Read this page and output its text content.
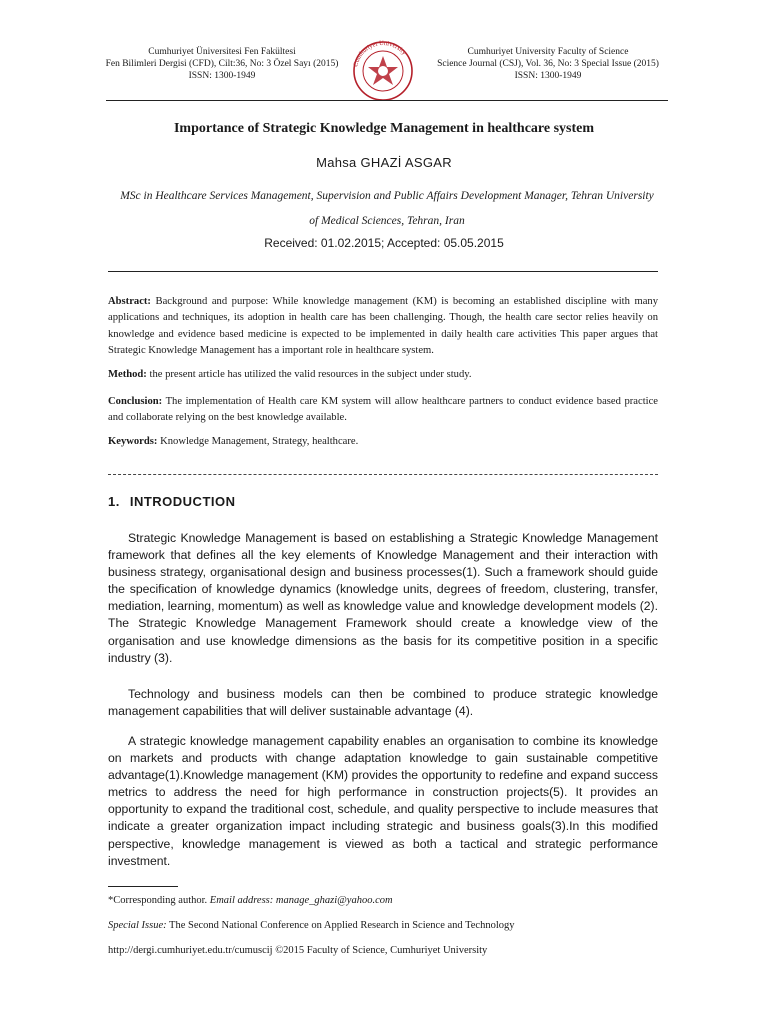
Cumhuriyet Üniversitesi Fen Fakültesi
Fen Bilimleri Dergisi (CFD), Cilt:36, No: 3 Özel Sayı (2015)
ISSN: 1300-1949
Cumhuriyet University	Cumhuriyet University Faculty of Science
Science Journal (CSJ), Vol. 36, No: 3 Special Issue (2015)
ISSN: 1300-1949
Importance of Strategic Knowledge Management in healthcare system
Mahsa GHAZİ ASGAR
MSc in Healthcare Services Management, Supervision and Public Affairs Development Manager, Tehran University
of Medical Sciences, Tehran, Iran
Received: 01.02.2015; Accepted: 05.05.2015
Abstract: Background and purpose: While knowledge management (KM) is becoming an established discipline with many applications and techniques, its adoption in health care has been challenging. Though, the health care sector relies heavily on knowledge and evidence based medicine is expected to be implemented in daily health care activities This paper argues that Strategic Knowledge Management has a important role in healthcare system.
Method: the present article has utilized the valid resources in the subject under study.
Conclusion: The implementation of Health care KM system will allow healthcare partners to conduct evidence based practice and collaborate relying on the best knowledge available.
Keywords: Knowledge Management, Strategy, healthcare.
1. INTRODUCTION
Strategic Knowledge Management is based on establishing a Strategic Knowledge Management framework that defines all the key elements of Knowledge Management and their interaction with business strategy, organisational design and business processes(1). Such a framework should guide the specification of knowledge dynamics (knowledge units, degrees of freedom, clustering, transfer, mediation, learning, momentum) as well as knowledge value and knowledge development models (2). The Strategic Knowledge Management Framework should create a knowledge view of the organisation and use knowledge dimensions as the basis for its competitive position in a specific industry (3).
Technology and business models can then be combined to produce strategic knowledge management capabilities that will deliver sustainable advantage (4).
A strategic knowledge management capability enables an organisation to combine its knowledge on markets and products with change adaptation knowledge to gain sustainable competitive advantage(1).Knowledge management (KM) provides the opportunity to redefine and expand success metrics to address the need for high performance in construction projects(5). It provides an opportunity to expand the traditional cost, schedule, and quality perspective to include measures that indicate a greater organization impact including strategic and business goals(3).In this modified perspective, knowledge management is viewed as both a tactical and strategic performance investment.
*Corresponding author. Email address: manage_ghazi@yahoo.com
Special Issue: The Second National Conference on Applied Research in Science and Technology
http://dergi.cumhuriyet.edu.tr/cumuscij ©2015 Faculty of Science, Cumhuriyet University
